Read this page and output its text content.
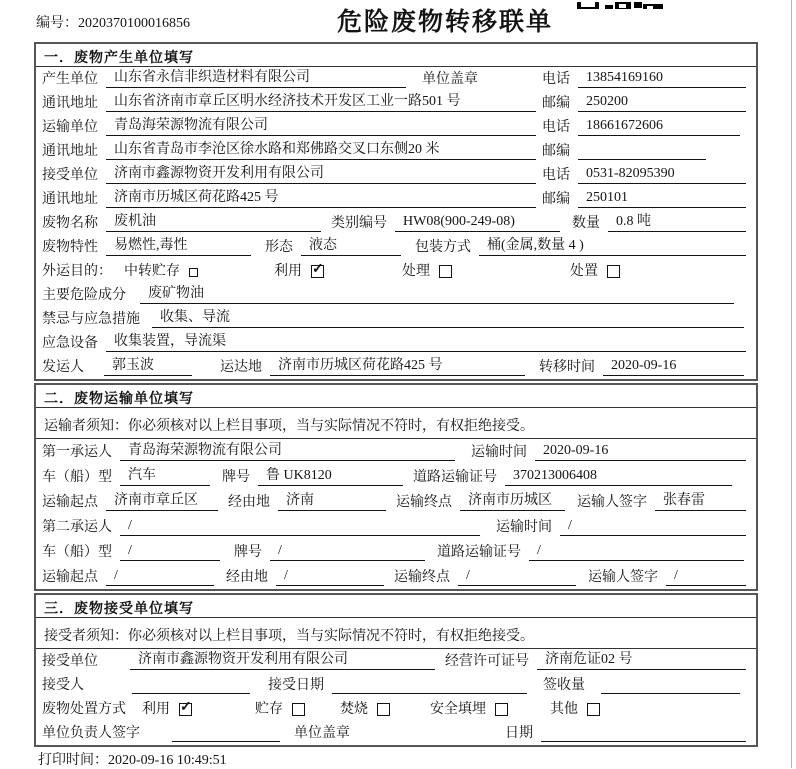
编号：2020370100016856	危险废物转移联单
一．废物产生单位填写
产生单位	山东省永信非织造材料有限公司	单位盖章	电话	13854169160
通讯地址	山东省济南市章丘区明水经济技术开发区工业一路501 号	邮编	250200
运输单位	青岛海荣源物流有限公司	电话	18661672606
通讯地址	山东省青岛市李沧区徐水路和郑佛路交叉口东侧20 米	邮编
接受单位	济南市鑫源物资开发利用有限公司	电话	0531-82095390
通讯地址	济南市历城区荷花路425 号	邮编	250101
废物名称	废机油	类别编号	HW08(900-249-08)	数量	0.8 吨
废物特性	易燃性,毒性	形态	液态	包装方式	桶(金属,数量 4 )
外运目的： 中转贮存	利用 ✓	处理	处置
主要危险成分	废矿物油
禁忌与应急措施	收集、导流
应急设备	收集装置，导流渠
发运人	郭玉波	运达地	济南市历城区荷花路425 号	转移时间	2020-09-16
二．废物运输单位填写
运输者须知：你必须核对以上栏目事项，当与实际情况不符时，有权拒绝接受。
第一承运人	青岛海荣源物流有限公司	运输时间	2020-09-16
车（船）型	汽车	牌号	鲁 UK8120	道路运输证号	370213006408
运输起点	济南市章丘区	经由地	济南	运输终点	济南市历城区	运输人签字	张春雷
第二承运人	/	运输时间	/
车（船）型	/	牌号	/	道路运输证号	/
运输起点	/	经由地	/	运输终点	/	运输人签字	/
三．废物接受单位填写
接受者须知：你必须核对以上栏目事项，当与实际情况不符时，有权拒绝接受。
接受单位	济南市鑫源物资开发利用有限公司	经营许可证号	济南危证02 号
接受人	接受日期	签收量
废物处置方式 利用 ✓	贮存	焚烧	安全填埋	其他
单位负责人签字	单位盖章	日期
打印时间：2020-09-16 10:49:51
